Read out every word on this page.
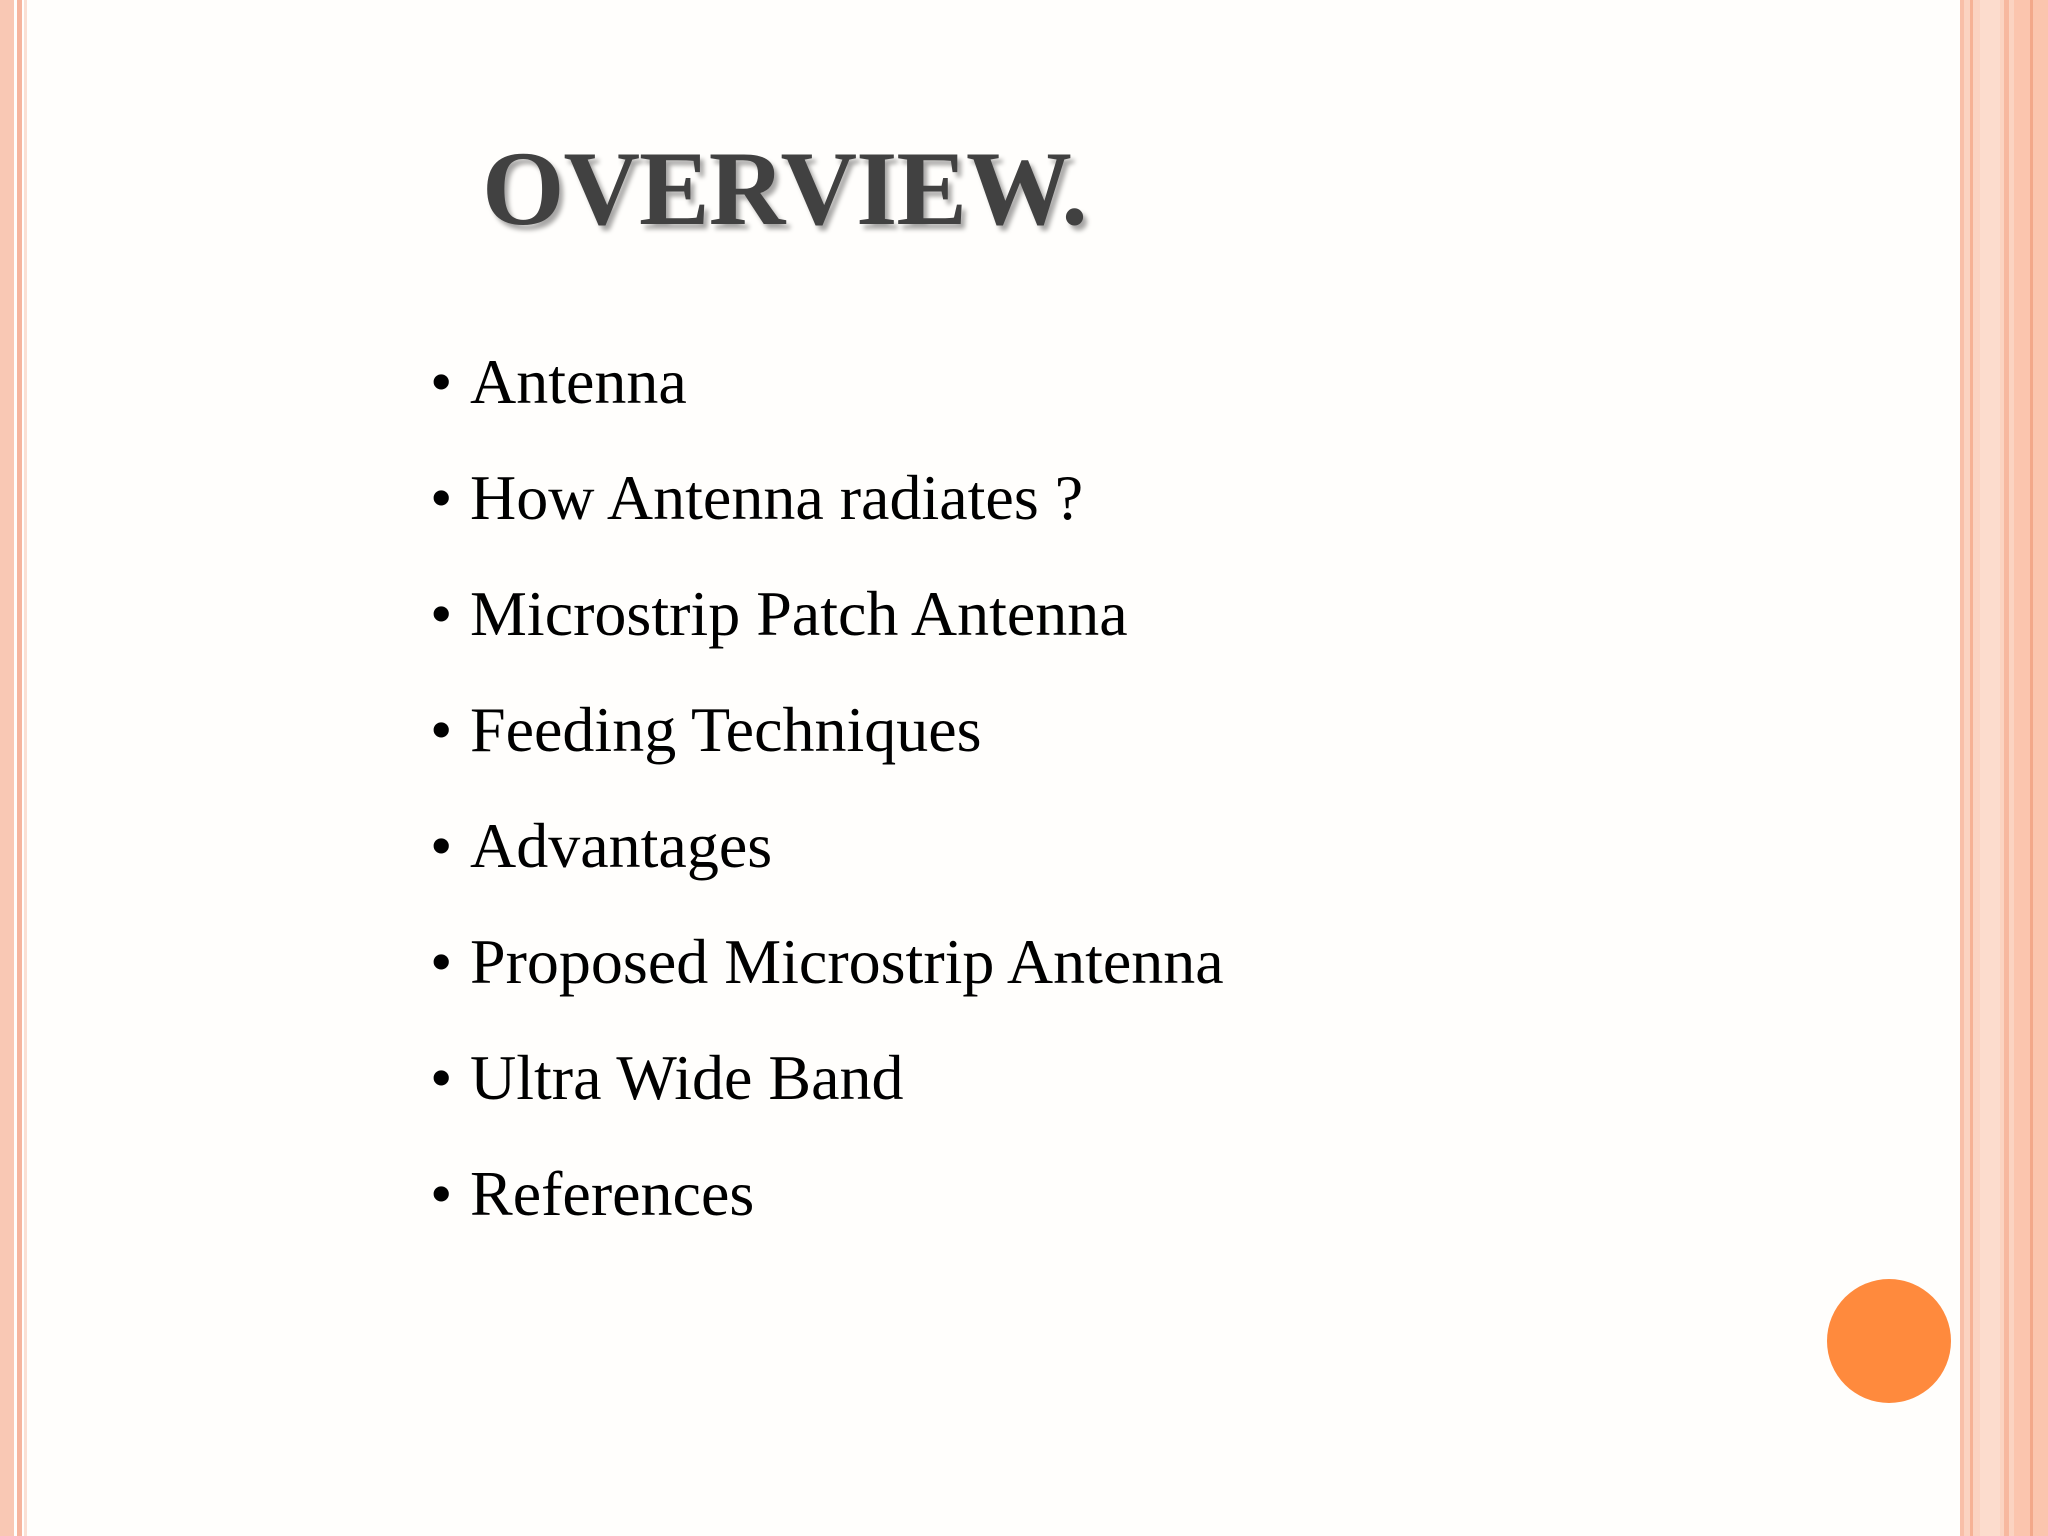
OVERVIEW.
• Antenna
• How Antenna radiates ?
• Microstrip Patch Antenna
• Feeding Techniques
• Advantages
• Proposed Microstrip Antenna
• Ultra Wide Band
• References
